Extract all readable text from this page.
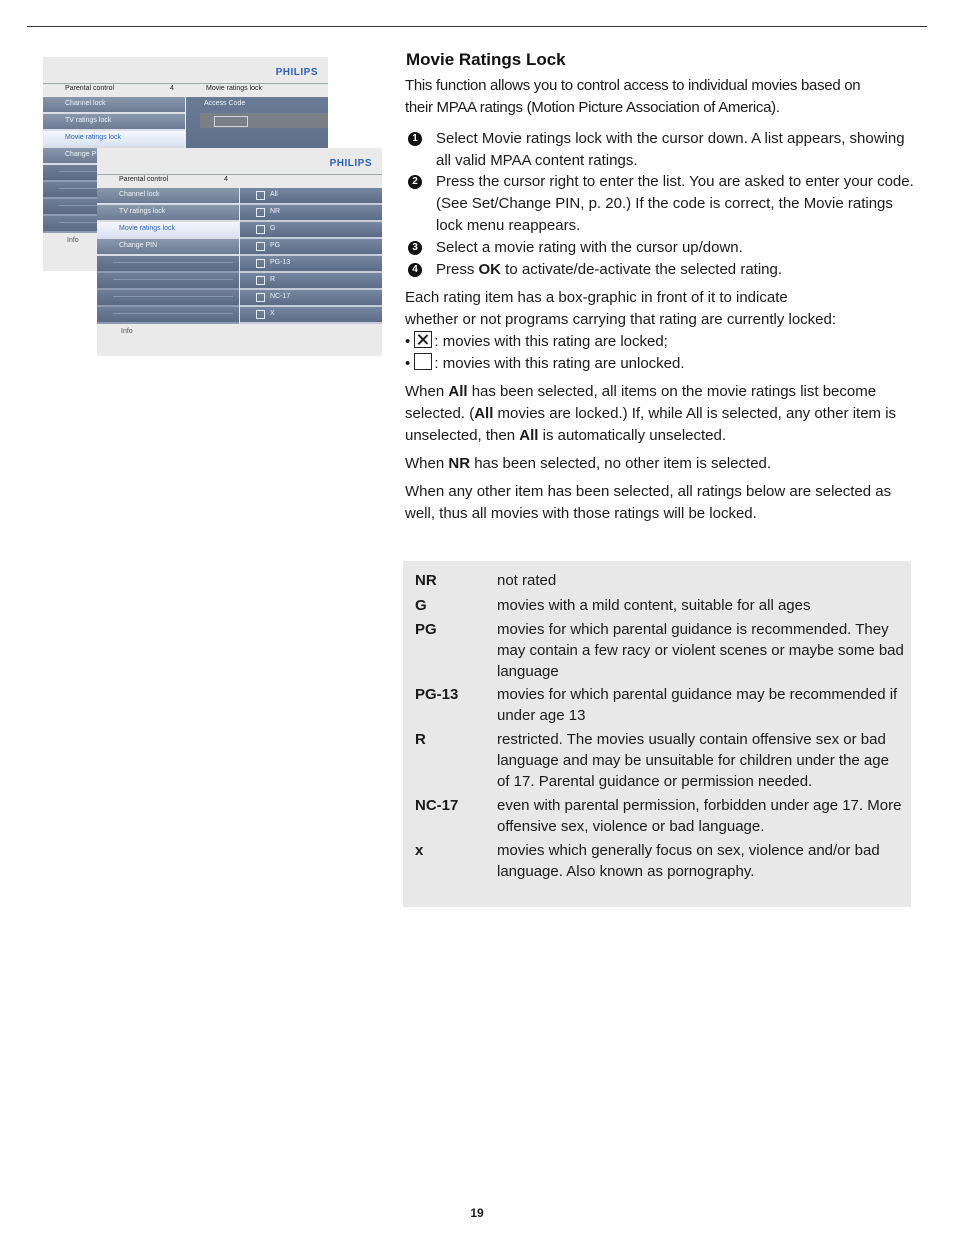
PHILIPS
Parental control	4	Movie ratings lock
Channel lock
TV ratings lock
Movie ratings lock
Change P
Access Code
Info
PHILIPS
Parental control	4
Channel lock
TV ratings lock
Movie ratings lock
Change PIN
All
NR
G
PG
PG-13
R
NC-17
X
Info
Movie Ratings Lock

This function allows you to control access to individual movies based on

their MPAA ratings (Motion Picture Association of America).

1 Select Movie ratings lock with the cursor down. A list appears, showing all valid MPAA content ratings.
2 Press the cursor right to enter the list. You are asked to enter your code. (See Set/Change PIN, p. 20.) If the code is correct, the Movie ratings lock menu reappears.
3 Select a movie rating with the cursor up/down.
4 Press OK to activate/de-activate the selected rating.

Each rating item has a box-graphic in front of it to indicate

whether or not programs carrying that rating are currently locked:

• : movies with this rating are locked;
• : movies with this rating are unlocked.

When All has been selected, all items on the movie ratings list become selected. (All movies are locked.) If, while All is selected, any other item is unselected, then All is automatically unselected.

When NR has been selected, no other item is selected.

When any other item has been selected, all ratings below are selected as well, thus all movies with those ratings will be locked.

NR	not rated
G	movies with a mild content, suitable for all ages
PG	movies for which parental guidance is recommended. They may contain a few racy or violent scenes or maybe some bad language
PG-13	movies for which parental guidance may be recommended if under age 13
R	restricted. The movies usually contain offensive sex or bad language and may be unsuitable for children under the age of 17. Parental guidance or permission needed.
NC-17	even with parental permission, forbidden under age 17. More offensive sex, violence or bad language.
x	movies which generally focus on sex, violence and/or bad language. Also known as pornography.
19
